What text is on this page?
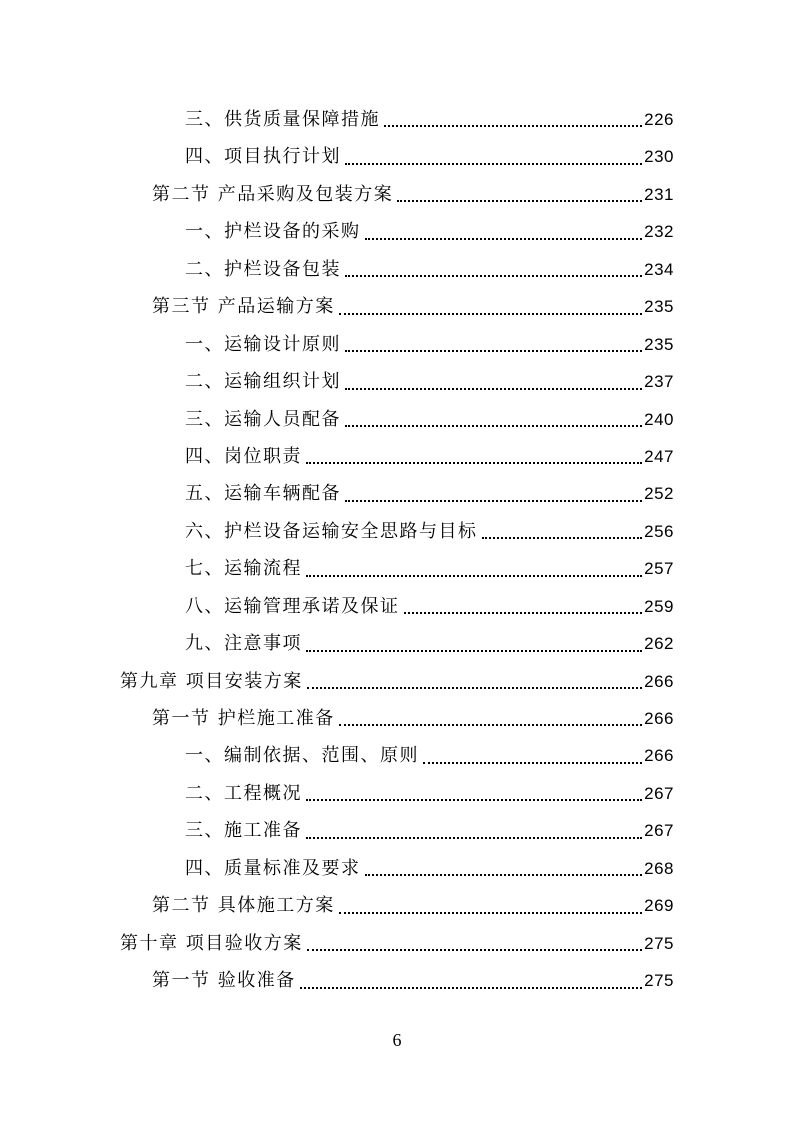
三、供货质量保障措施	226
四、项目执行计划	230
第二节 产品采购及包装方案	231
一、护栏设备的采购	232
二、护栏设备包装	234
第三节 产品运输方案	235
一、运输设计原则	235
二、运输组织计划	237
三、运输人员配备	240
四、岗位职责	247
五、运输车辆配备	252
六、护栏设备运输安全思路与目标	256
七、运输流程	257
八、运输管理承诺及保证	259
九、注意事项	262
第九章 项目安装方案	266
第一节 护栏施工准备	266
一、编制依据、范围、原则	266
二、工程概况	267
三、施工准备	267
四、质量标准及要求	268
第二节 具体施工方案	269
第十章 项目验收方案	275
第一节 验收准备	275
6
